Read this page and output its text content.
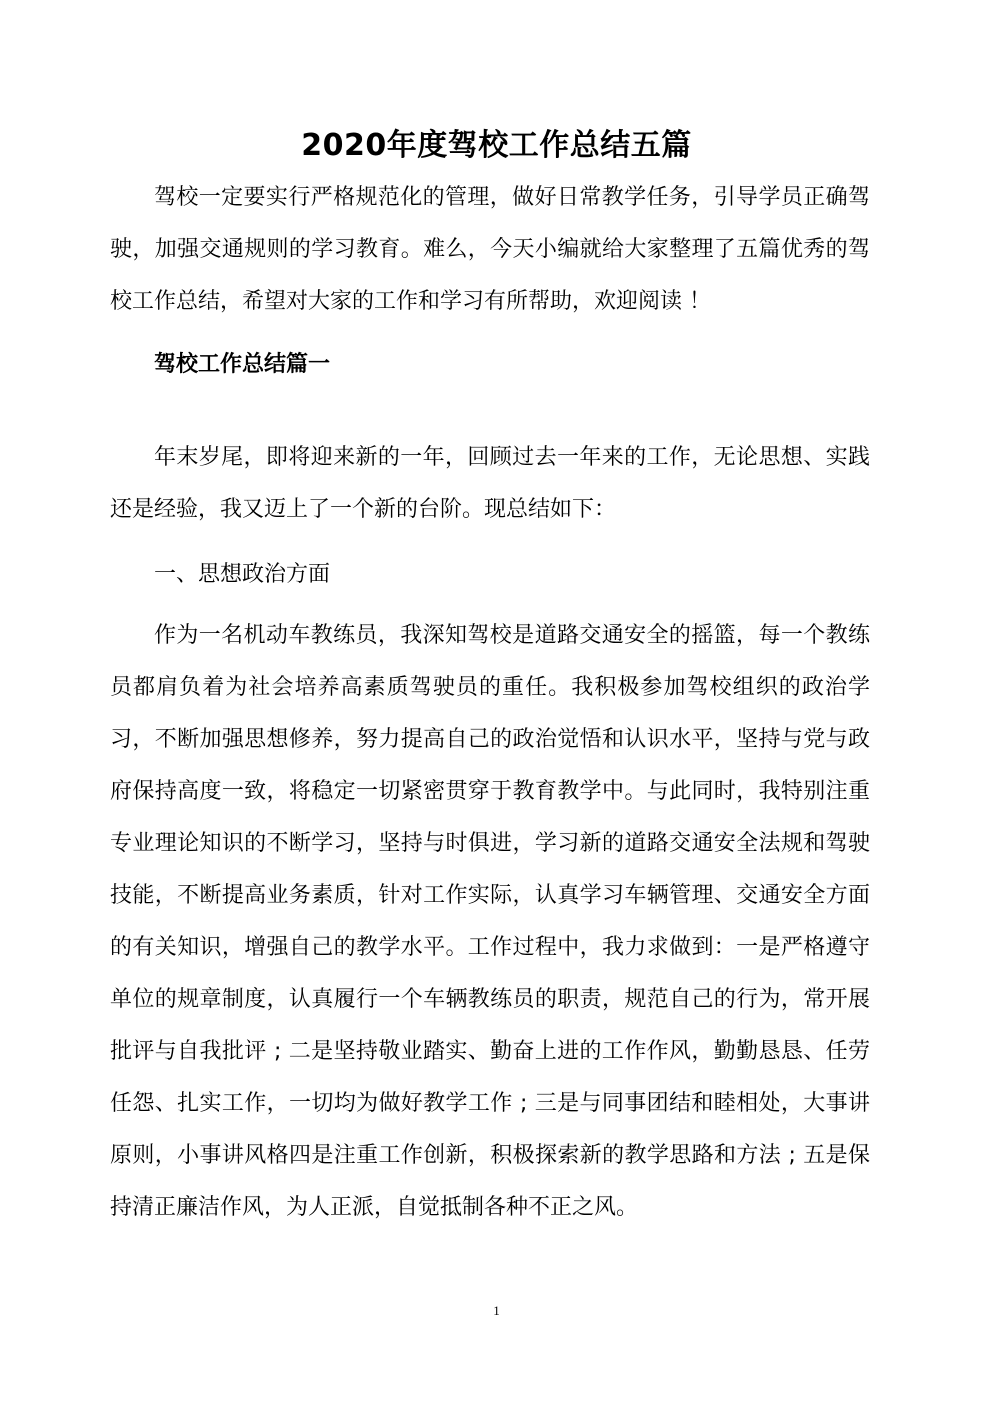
2020年度驾校工作总结五篇
驾校一定要实行严格规范化的管理，做好日常教学任务，引导学员正确驾驶，加强交通规则的学习教育。难么，今天小编就给大家整理了五篇优秀的驾校工作总结，希望对大家的工作和学习有所帮助，欢迎阅读 ！
驾校工作总结篇一
年末岁尾，即将迎来新的一年，回顾过去一年来的工作，无论思想、实践还是经验，我又迈上了一个新的台阶。现总结如下：
一、思想政治方面
作为一名机动车教练员，我深知驾校是道路交通安全的摇篮，每一个教练员都肩负着为社会培养高素质驾驶员的重任。我积极参加驾校组织的政治学习，不断加强思想修养，努力提高自己的政治觉悟和认识水平，坚持与党与政府保持高度一致，将稳定一切紧密贯穿于教育教学中。与此同时，我特别注重专业理论知识的不断学习，坚持与时俱进，学习新的道路交通安全法规和驾驶技能，不断提高业务素质，针对工作实际，认真学习车辆管理、交通安全方面的有关知识，增强自己的教学水平。工作过程中，我力求做到：一是严格遵守单位的规章制度，认真履行一个车辆教练员的职责，规范自己的行为，常开展批评与自我批评 ; 二是坚持敬业踏实、勤奋上进的工作作风，勤勤恳恳、任劳任怨、扎实工作，一切均为做好教学工作 ; 三是与同事团结和睦相处，大事讲原则，小事讲风格四是注重工作创新，积极探索新的教学思路和方法 ; 五是保持清正廉洁作风，为人正派，自觉抵制各种不正之风。
1
